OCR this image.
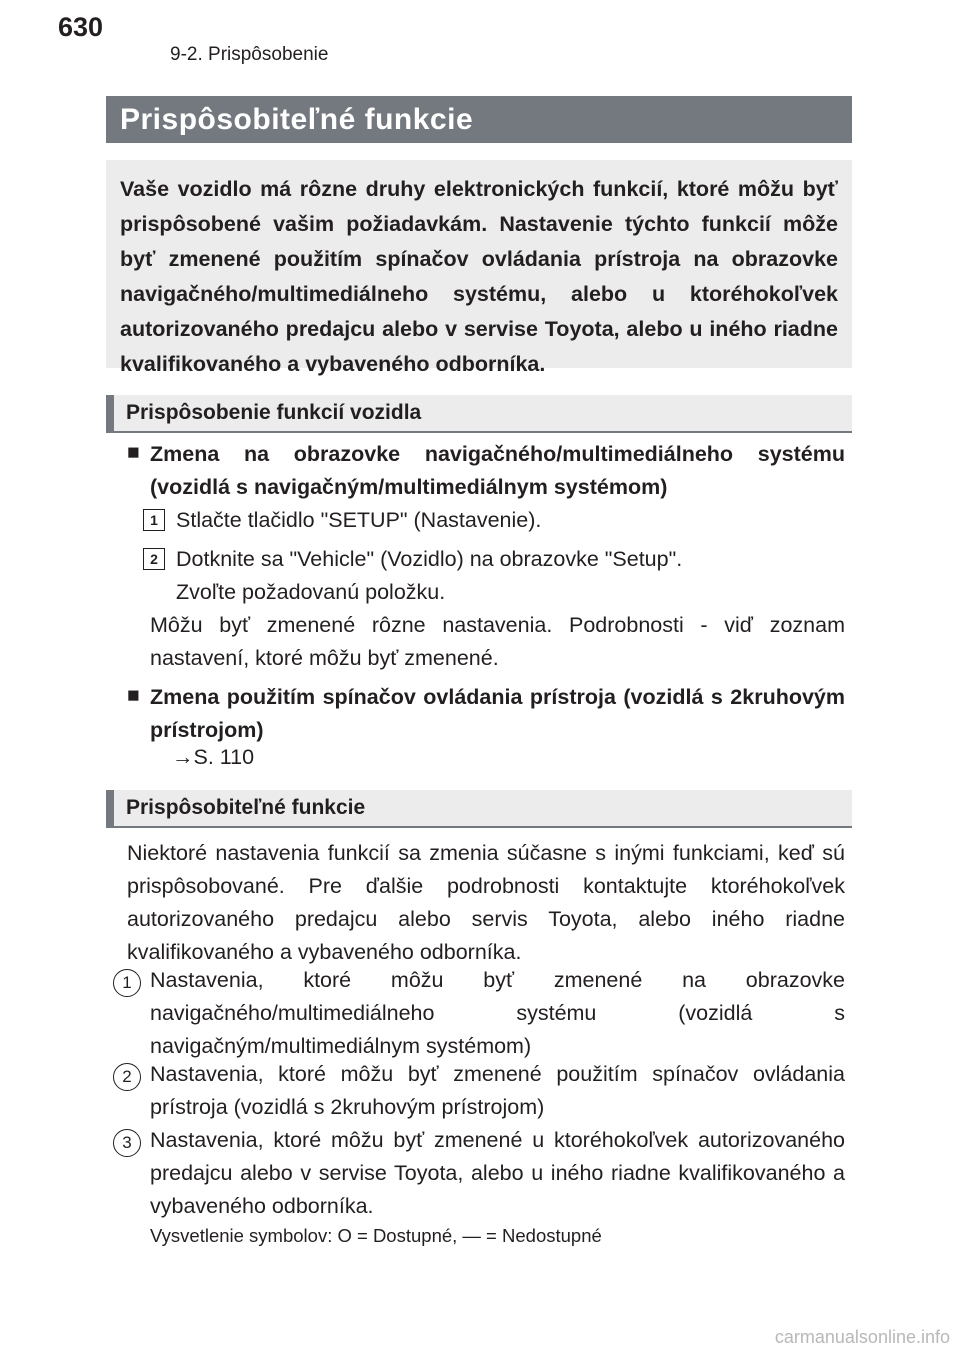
630
9-2. Prispôsobenie
Prispôsobiteľné funkcie
Vaše vozidlo má rôzne druhy elektronických funkcií, ktoré môžu byť prispôsobené vašim požiadavkám. Nastavenie týchto funkcií môže byť zmenené použitím spínačov ovládania prístroja na obrazovke navigačného/multimediálneho systému, alebo u ktoréhokoľvek autorizovaného predajcu alebo v servise Toyota, alebo u iného riadne kvalifikovaného a vybaveného odborníka.
Prispôsobenie funkcií vozidla
■ Zmena na obrazovke navigačného/multimediálneho systému (vozidlá s navigačným/multimediálnym systémom)
1 Stlačte tlačidlo "SETUP" (Nastavenie).
2 Dotknite sa "Vehicle" (Vozidlo) na obrazovke "Setup".
Zvoľte požadovanú položku.
Môžu byť zmenené rôzne nastavenia. Podrobnosti - viď zoznam nastavení, ktoré môžu byť zmenené.
■ Zmena použitím spínačov ovládania prístroja (vozidlá s 2kruhovým prístrojom)
→S. 110
Prispôsobiteľné funkcie
Niektoré nastavenia funkcií sa zmenia súčasne s inými funkciami, keď sú prispôsobované. Pre ďalšie podrobnosti kontaktujte ktoréhokoľvek autorizovaného predajcu alebo servis Toyota, alebo iného riadne kvalifikovaného a vybaveného odborníka.
1 Nastavenia, ktoré môžu byť zmenené na obrazovke navigačného/multimediálneho systému (vozidlá s navigačným/multimediálnym systémom)
2 Nastavenia, ktoré môžu byť zmenené použitím spínačov ovládania prístroja (vozidlá s 2kruhovým prístrojom)
3 Nastavenia, ktoré môžu byť zmenené u ktoréhokoľvek autorizovaného predajcu alebo v servise Toyota, alebo u iného riadne kvalifikovaného a vybaveného odborníka.
Vysvetlenie symbolov: O = Dostupné, — = Nedostupné
carmanualsonline.info
